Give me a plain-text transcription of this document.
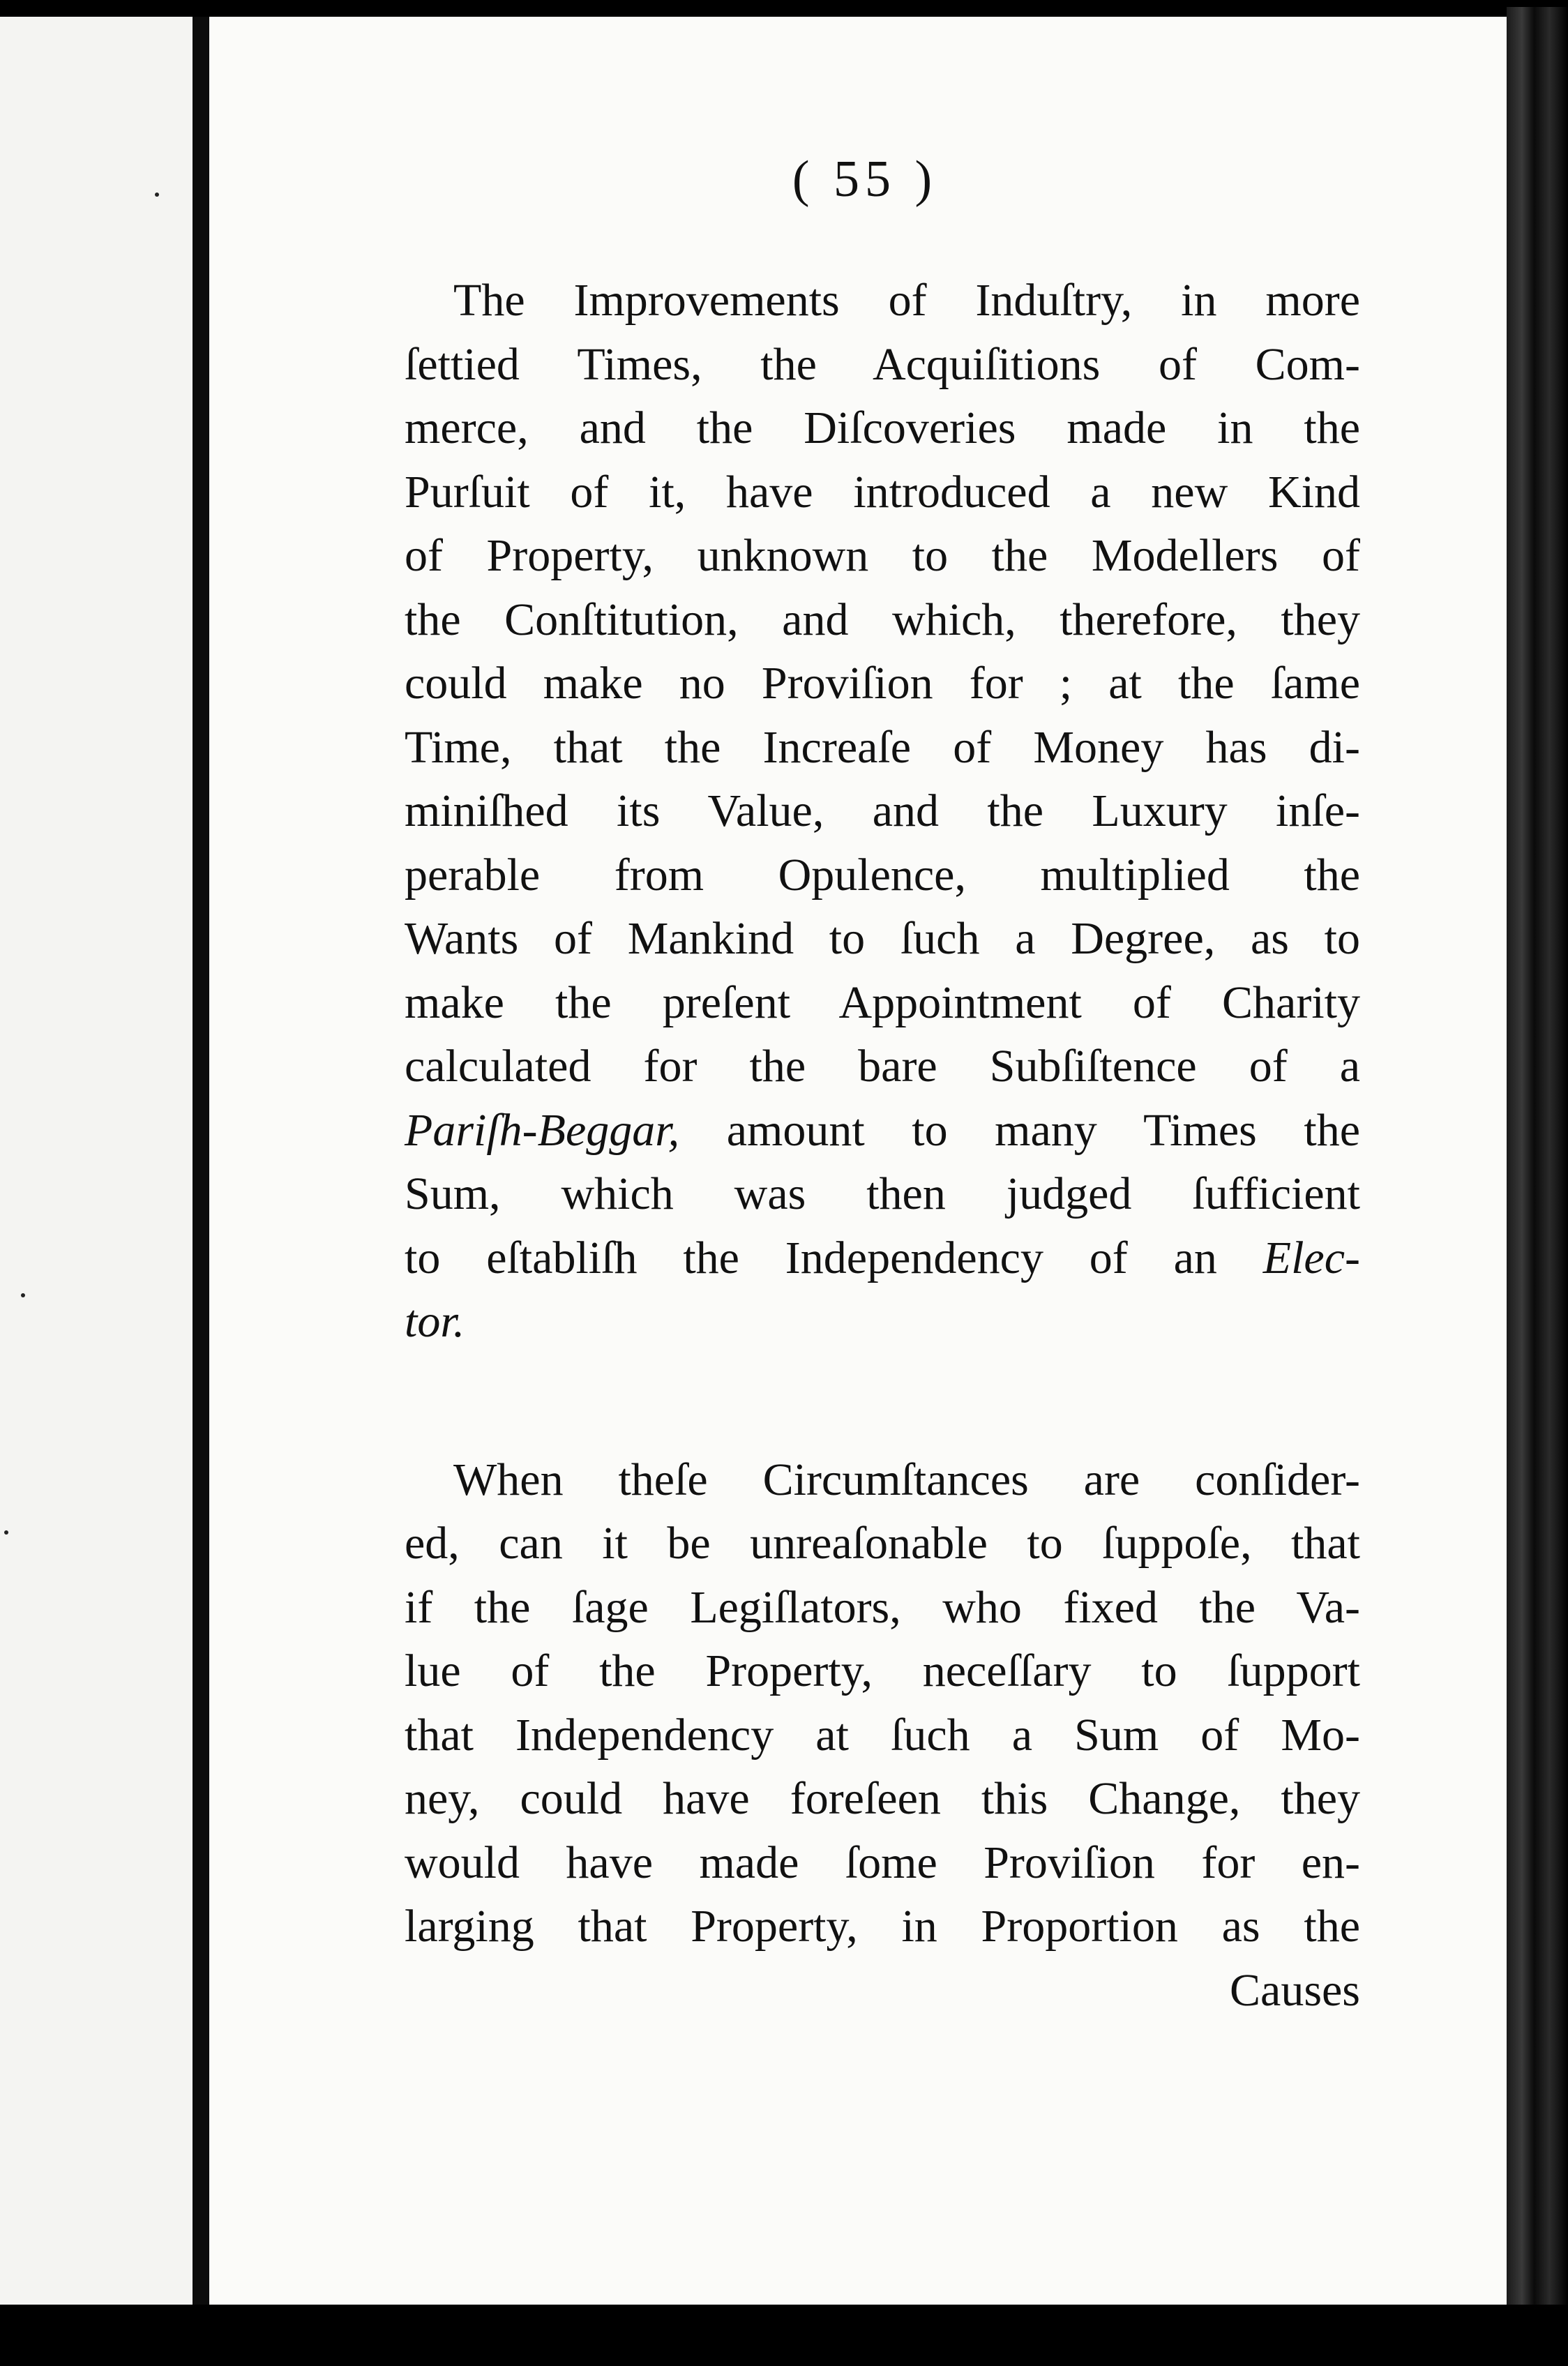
( 55 )
The Improvements of Induſtry, in more
ſettied Times, the Acquiſitions of Com-
merce, and the Diſcoveries made in the
Purſuit of it, have introduced a new Kind
of Property, unknown to the Modellers of
the Conſtitution, and which, therefore, they
could make no Proviſion for ; at the ſame
Time, that the Increaſe of Money has di-
miniſhed its Value, and the Luxury inſe-
perable from Opulence, multiplied the
Wants of Mankind to ſuch a Degree, as to
make the preſent Appointment of Charity
calculated for the bare Subſiſtence of a
Pariſh-Beggar, amount to many Times the
Sum, which was then judged ſufficient
to eſtabliſh the Independency of an Elec-
tor.
When theſe Circumſtances are conſider-
ed, can it be unreaſonable to ſuppoſe, that
if the ſage Legiſlators, who fixed the Va-
lue of the Property, neceſſary to ſupport
that Independency at ſuch a Sum of Mo-
ney, could have foreſeen this Change, they
would have made ſome Proviſion for en-
larging that Property, in Proportion as the
Causes
